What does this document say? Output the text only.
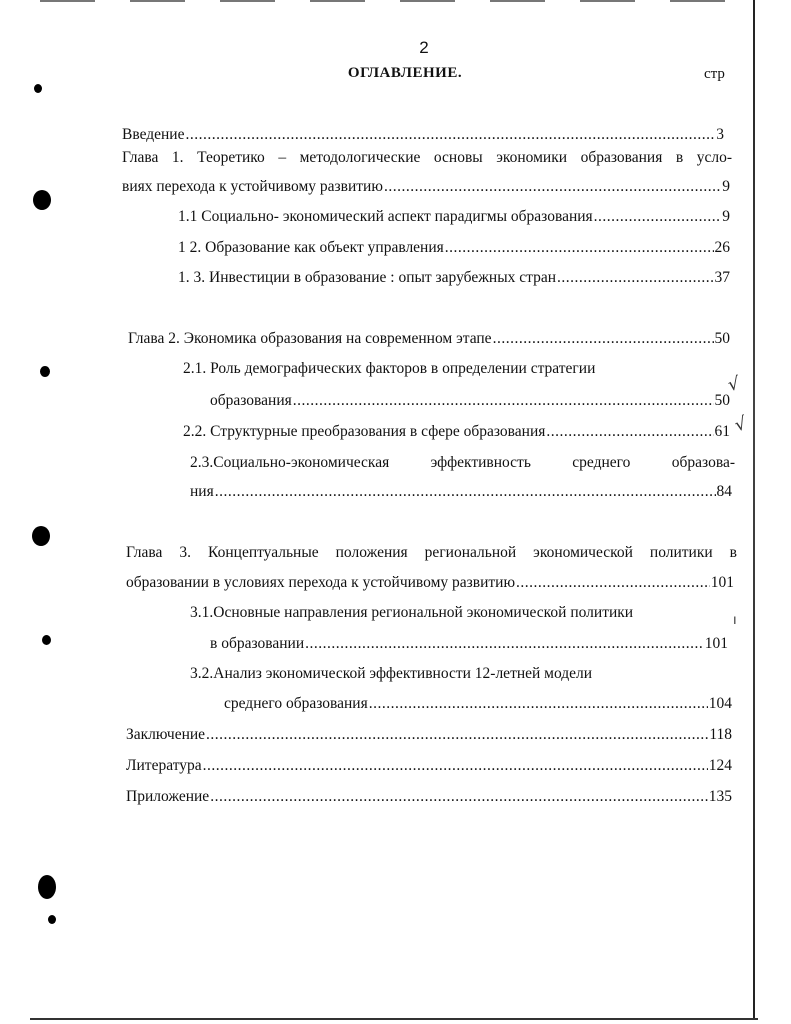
2
ОГЛАВЛЕНИЕ.	стр
Введение .....	3
Глава 1. Теоретико – методологические основы экономики образования в усло-
виях перехода к устойчивому развитию .....	9
1.1 Социально- экономический аспект парадигмы образования .....	9
1 2. Образование как объект управления .....	26
1. 3. Инвестиции в образование : опыт зарубежных стран .....	37
Глава 2. Экономика образования на современном этапе .....	50
2.1. Роль демографических факторов в определении стратегии
образования .....	50
2.2. Структурные преобразования в сфере образования .....	61
2.3.Социально-экономическая эффективность среднего образова-
ния .....	84
Глава 3. Концептуальные положения региональной экономической политики в
образовании в условиях перехода к устойчивому развитию .....	101
3.1.Основные направления региональной экономической политики
в образовании .....	101
3.2.Анализ экономической эффективности 12-летней модели
среднего образования .....	104
Заключение .....	118
Литература .....	124
Приложение .....	135
√
√
ı
